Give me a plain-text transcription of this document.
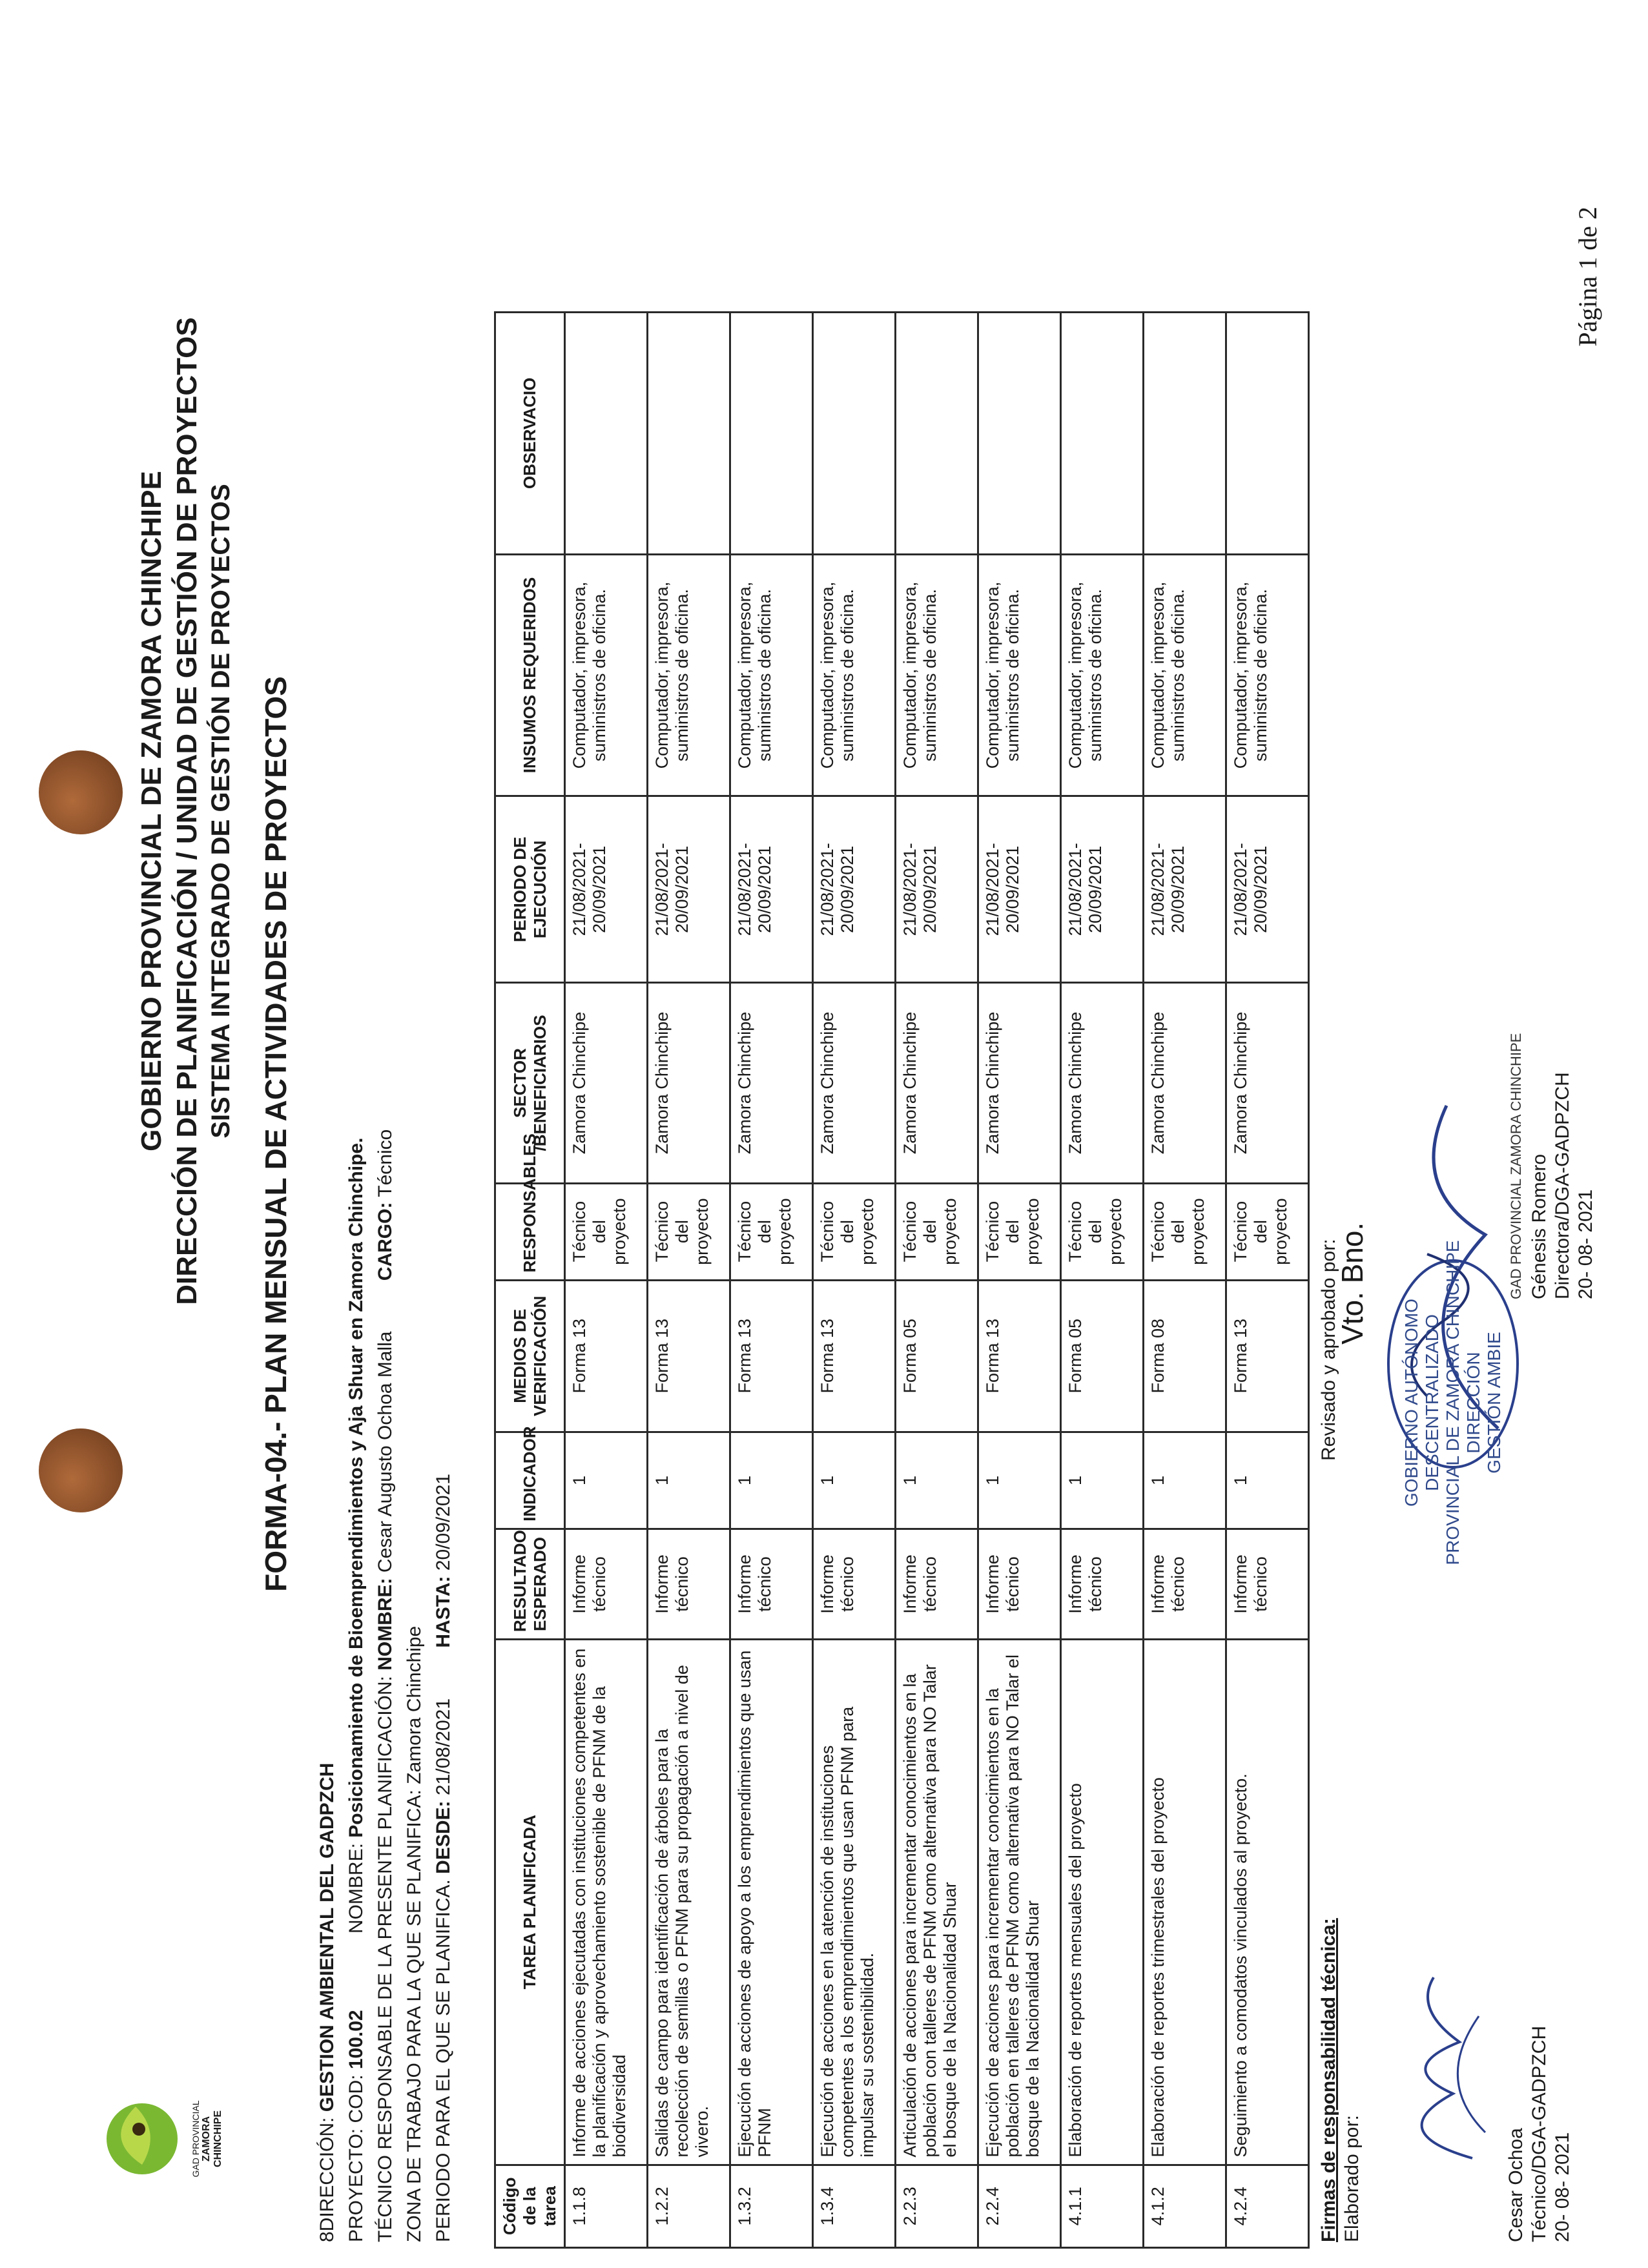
GAD PROVINCIAL ZAMORA CHINCHIPE
GOBIERNO PROVINCIAL DE ZAMORA CHINCHIPE DIRECCIÓN DE PLANIFICACIÓN / UNIDAD DE GESTIÓN DE PROYECTOS SISTEMA INTEGRADO DE GESTIÓN DE PROYECTOS FORMA-04.- PLAN MENSUAL DE ACTIVIDADES DE PROYECTOS
8DIRECCIÓN: GESTION AMBIENTAL DEL GADPZCH
PROYECTO: COD: 100.02 NOMBRE: Posicionamiento de Bioemprendimientos y Aja Shuar en Zamora Chinchipe.
TÉCNICO RESPONSABLE DE LA PRESENTE PLANIFICACIÓN: NOMBRE: Cesar Augusto Ochoa Malla CARGO: Técnico
ZONA DE TRABAJO PARA LA QUE SE PLANIFICA: Zamora Chinchipe
PERIODO PARA EL QUE SE PLANIFICA. DESDE: 21/08/2021 HASTA: 20/09/2021
Código de la tarea	TAREA PLANIFICADA	RESULTADO ESPERADO	INDICADOR	MEDIOS DE VERIFICACIÓN	RESPONSABLES	SECTOR /BENEFICIARIOS	PERIODO DE EJECUCIÓN	INSUMOS REQUERIDOS	OBSERVACIO
1.1.8	Informe de acciones ejecutadas con instituciones competentes en la planificación y aprovechamiento sostenible de PFNM de la biodiversidad	Informe técnico	1	Forma 13	Técnico del proyecto	Zamora Chinchipe	21/08/2021-20/09/2021	Computador, impresora, suministros de oficina.	
1.2.2	Salidas de campo para identificación de árboles para la recolección de semillas o PFNM para su propagación a nivel de vivero.	Informe técnico	1	Forma 13	Técnico del proyecto	Zamora Chinchipe	21/08/2021-20/09/2021	Computador, impresora, suministros de oficina.	
1.3.2	Ejecución de acciones de apoyo a los emprendimientos que usan PFNM	Informe técnico	1	Forma 13	Técnico del proyecto	Zamora Chinchipe	21/08/2021-20/09/2021	Computador, impresora, suministros de oficina.	
1.3.4	Ejecución de acciones en la atención de instituciones competentes a los emprendimientos que usan PFNM para impulsar su sostenibilidad.	Informe técnico	1	Forma 13	Técnico del proyecto	Zamora Chinchipe	21/08/2021-20/09/2021	Computador, impresora, suministros de oficina.	
2.2.3	Articulación de acciones para incrementar conocimientos en la población con talleres de PFNM como alternativa para NO Talar el bosque de la Nacionalidad Shuar	Informe técnico	1	Forma 05	Técnico del proyecto	Zamora Chinchipe	21/08/2021-20/09/2021	Computador, impresora, suministros de oficina.	
2.2.4	Ejecución de acciones para incrementar conocimientos en la población en talleres de PFNM como alternativa para NO Talar el bosque de la Nacionalidad Shuar	Informe técnico	1	Forma 13	Técnico del proyecto	Zamora Chinchipe	21/08/2021-20/09/2021	Computador, impresora, suministros de oficina.	
4.1.1	Elaboración de reportes mensuales del proyecto	Informe técnico	1	Forma 05	Técnico del proyecto	Zamora Chinchipe	21/08/2021-20/09/2021	Computador, impresora, suministros de oficina.	
4.1.2	Elaboración de reportes trimestrales del proyecto	Informe técnico	1	Forma 08	Técnico del proyecto	Zamora Chinchipe	21/08/2021-20/09/2021	Computador, impresora, suministros de oficina.	
4.2.4	Seguimiento a comodatos vinculados al proyecto.	Informe técnico	1	Forma 13	Técnico del proyecto	Zamora Chinchipe	21/08/2021-20/09/2021	Computador, impresora, suministros de oficina.	
Firmas de responsabilidad técnica: Elaborado por:	Cesar Ochoa Técnico/DGA-GADPZCH 20- 08- 2021
Revisado y aprobado por:
Vto. Bno.
GOBIERNO AUTÓNOMO DESCENTRALIZADO PROVINCIAL DE ZAMORA CHINCHIPE DIRECCIÓN GESTIÓN AMBIE
GAD PROVINCIAL ZAMORA CHINCHIPE Génesis Romero Directora/DGA-GADPZCH 20- 08- 2021
Página 1 de 2
